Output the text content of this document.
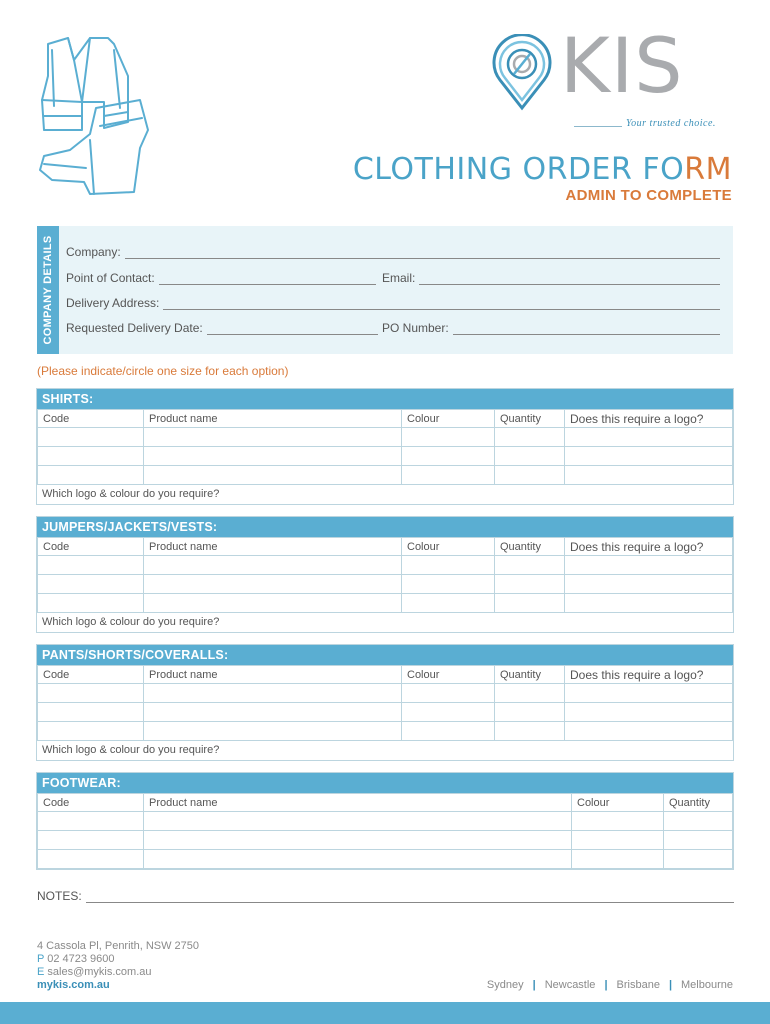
KIS
Your trusted choice.
CLOTHING ORDER FORM
ADMIN TO COMPLETE
COMPANY DETAILS Company:
Point of Contact:	Email:
Delivery Address:
Requested Delivery Date:	PO Number:
(Please indicate/circle one size for each option)
SHIRTS:
Code	Product name	Colour	Quantity	Does this require a logo?

Which logo & colour do you require?
JUMPERS/JACKETS/VESTS:
Code	Product name	Colour	Quantity	Does this require a logo?

Which logo & colour do you require?
PANTS/SHORTS/COVERALLS:
Code	Product name	Colour	Quantity	Does this require a logo?

Which logo & colour do you require?
FOOTWEAR:
Code	Product name	Colour	Quantity

NOTES:
4 Cassola Pl, Penrith, NSW 2750
P 02 4723 9600
E sales@mykis.com.au
mykis.com.au	Sydney | Newcastle | Brisbane | Melbourne
